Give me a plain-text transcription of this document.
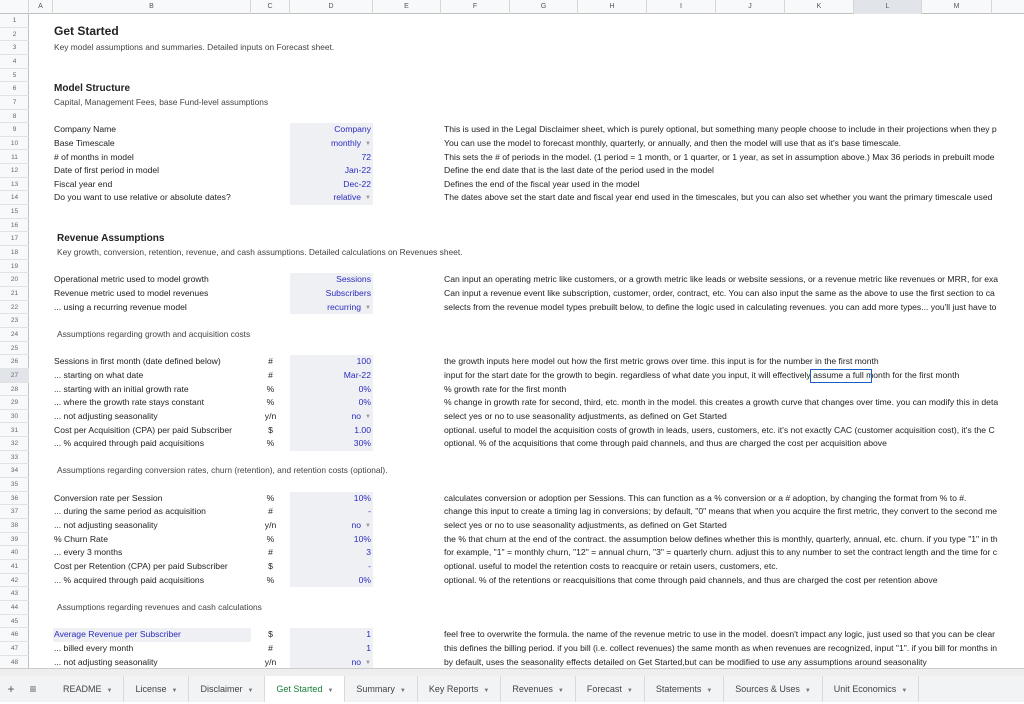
A	B	C	D	E	F	G	H	I	J	K	L	M
1
2
3
4
5
6
7
8
9
10
11
12
13
14
15
16
17
18
19
20
21
22
23
24
25
26
27
28
29
30
31
32
33
34
35
36
37
38
39
40
41
42
43
44
45
46
47
48
Get Started
Key model assumptions and summaries. Detailed inputs on Forecast sheet.
Model Structure
Capital, Management Fees, base Fund-level assumptions
Company Name	Company	This is used in the Legal Disclaimer sheet, which is purely optional, but something many people choose to include in their projections when they p
Base Timescale	monthly ▼	You can use the model to forecast monthly, quarterly, or annually, and then the model will use that as it's base timescale.
# of months in model	72	This sets the # of periods in the model. (1 period = 1 month, or 1 quarter, or 1 year, as set in assumption above.) Max 36 periods in prebuilt mode
Date of first period in model	Jan-22	Define the end date that is the last date of the period used in the model
Fiscal year end	Dec-22	Defines the end of the fiscal year used in the model
Do you want to use relative or absolute dates?	relative ▼	The dates above set the start date and fiscal year end used in the timescales, but you can also set whether you want the primary timescale used
Revenue Assumptions
Key growth, conversion, retention, revenue, and cash assumptions. Detailed calculations on Revenues sheet.
Operational metric used to model growth	Sessions	Can input an operating metric like customers, or a growth metric like leads or website sessions, or a revenue metric like revenues or MRR, for exa
Revenue metric used to model revenues	Subscribers	Can input a revenue event like subscription, customer, order, contract, etc. You can also input the same as the above to use the first section to ca
... using a recurring revenue model	recurring ▼	selects from the revenue model types prebuilt below, to define the logic used in calculating revenues. you can add more types... you'll just have to
Assumptions regarding growth and acquisition costs
Sessions in first month (date defined below)	#	100	the growth inputs here model out how the first metric grows over time. this input is for the number in the first month
... starting on what date	#	Mar-22	input for the start date for the growth to begin. regardless of what date you input, it will effectively assume a full month for the first month
... starting with an initial growth rate	%	0%	% growth rate for the first month
... where the growth rate stays constant	%	0%	% change in growth rate for second, third, etc. month in the model. this creates a growth curve that changes over time. you can modify this in deta
... not adjusting seasonality	y/n	no ▼	select yes or no to use seasonality adjustments, as defined on Get Started
Cost per Acquisition (CPA) per paid Subscriber	$	1.00	optional. useful to model the acquisition costs of growth in leads, users, customers, etc. it's not exactly CAC (customer acquisition cost), it's the C
... % acquired through paid acquisitions	%	30%	optional. % of the acquisitions that come through paid channels, and thus are charged the cost per acquisition above
Assumptions regarding conversion rates, churn (retention), and retention costs (optional).
Conversion rate per Session	%	10%	calculates conversion or adoption per Sessions. This can function as a % conversion or a # adoption, by changing the format from % to #.
... during the same period as acquisition	#	-	change this input to create a timing lag in conversions; by default, "0" means that when you acquire the first metric, they convert to the second me
... not adjusting seasonality	y/n	no ▼	select yes or no to use seasonality adjustments, as defined on Get Started
% Churn Rate	%	10%	the % that churn at the end of the contract. the assumption below defines whether this is monthly, quarterly, annual, etc. churn. if you type "1" in th
... every 3 months	#	3	for example, "1" = monthly churn, "12" = annual churn, "3" = quarterly churn. adjust this to any number to set the contract length and the time for c
Cost per Retention (CPA) per paid Subscriber	$	-	optional. useful to model the retention costs to reacquire or retain users, customers, etc.
... % acquired through paid acquisitions	%	0%	optional. % of the retentions or reacquisitions that come through paid channels, and thus are charged the cost per retention above
Assumptions regarding revenues and cash calculations
Average Revenue per Subscriber	$	1	feel free to overwrite the formula. the name of the revenue metric to use in the model. doesn't impact any logic, just used so that you can be clear
... billed every month	#	1	this defines the billing period. if you bill (i.e. collect revenues) the same month as when revenues are recognized, input "1". if you bill for months in
... not adjusting seasonality	y/n	no ▼	by default, uses the seasonality effects detailed on Get Started,but can be modified to use any assumptions around seasonality
+	≡	README ▼	License ▼	Disclaimer ▼	Get Started ▼	Summary ▼	Key Reports ▼	Revenues ▼	Forecast ▼	Statements ▼	Sources & Uses ▼	Unit Economics ▼
